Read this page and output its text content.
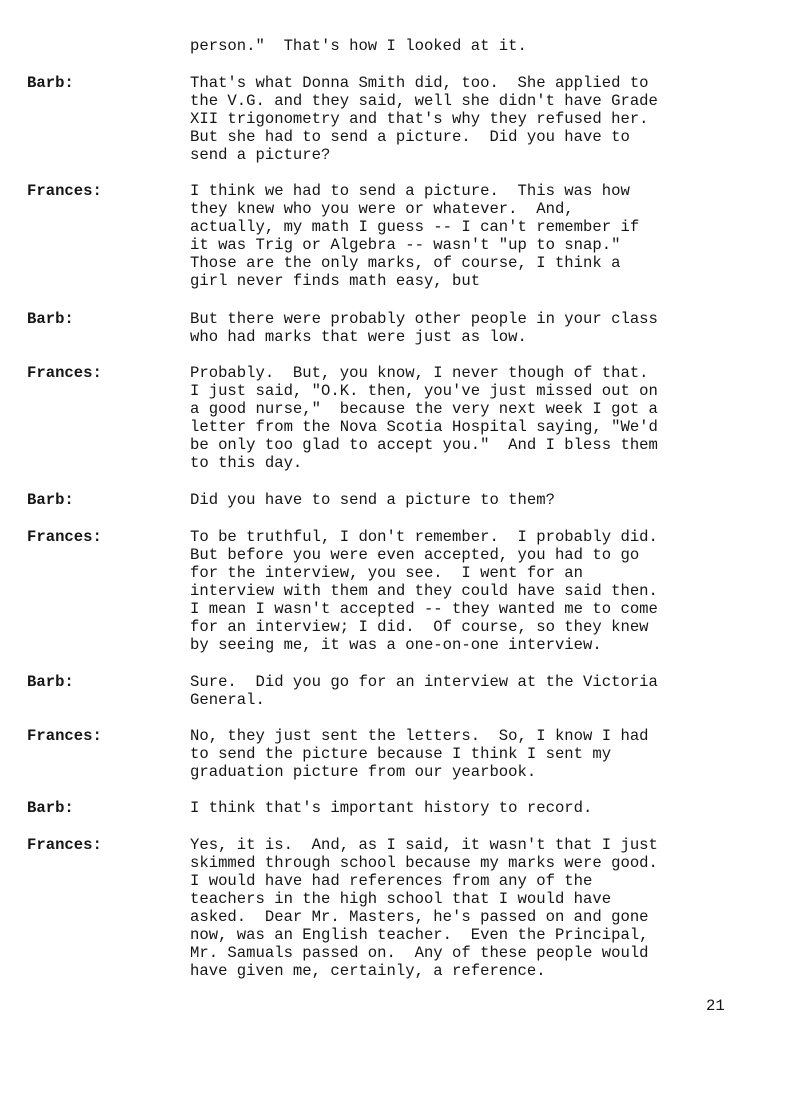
person."  That's how I looked at it.
Barb:	That's what Donna Smith did, too.  She applied to
the V.G. and they said, well she didn't have Grade
XII trigonometry and that's why they refused her.
But she had to send a picture.  Did you have to
send a picture?
Frances:	I think we had to send a picture.  This was how
they knew who you were or whatever.  And,
actually, my math I guess -- I can't remember if
it was Trig or Algebra -- wasn't "up to snap."
Those are the only marks, of course, I think a
girl never finds math easy, but
Barb:	But there were probably other people in your class
who had marks that were just as low.
Frances:	Probably.  But, you know, I never though of that.
I just said, "O.K. then, you've just missed out on
a good nurse,"  because the very next week I got a
letter from the Nova Scotia Hospital saying, "We'd
be only too glad to accept you."  And I bless them
to this day.
Barb:	Did you have to send a picture to them?
Frances:	To be truthful, I don't remember.  I probably did.
But before you were even accepted, you had to go
for the interview, you see.  I went for an
interview with them and they could have said then.
I mean I wasn't accepted -- they wanted me to come
for an interview; I did.  Of course, so they knew
by seeing me, it was a one-on-one interview.
Barb:	Sure.  Did you go for an interview at the Victoria
General.
Frances:	No, they just sent the letters.  So, I know I had
to send the picture because I think I sent my
graduation picture from our yearbook.
Barb:	I think that's important history to record.
Frances:	Yes, it is.  And, as I said, it wasn't that I just
skimmed through school because my marks were good.
I would have had references from any of the
teachers in the high school that I would have
asked.  Dear Mr. Masters, he's passed on and gone
now, was an English teacher.  Even the Principal,
Mr. Samuals passed on.  Any of these people would
have given me, certainly, a reference.
21
